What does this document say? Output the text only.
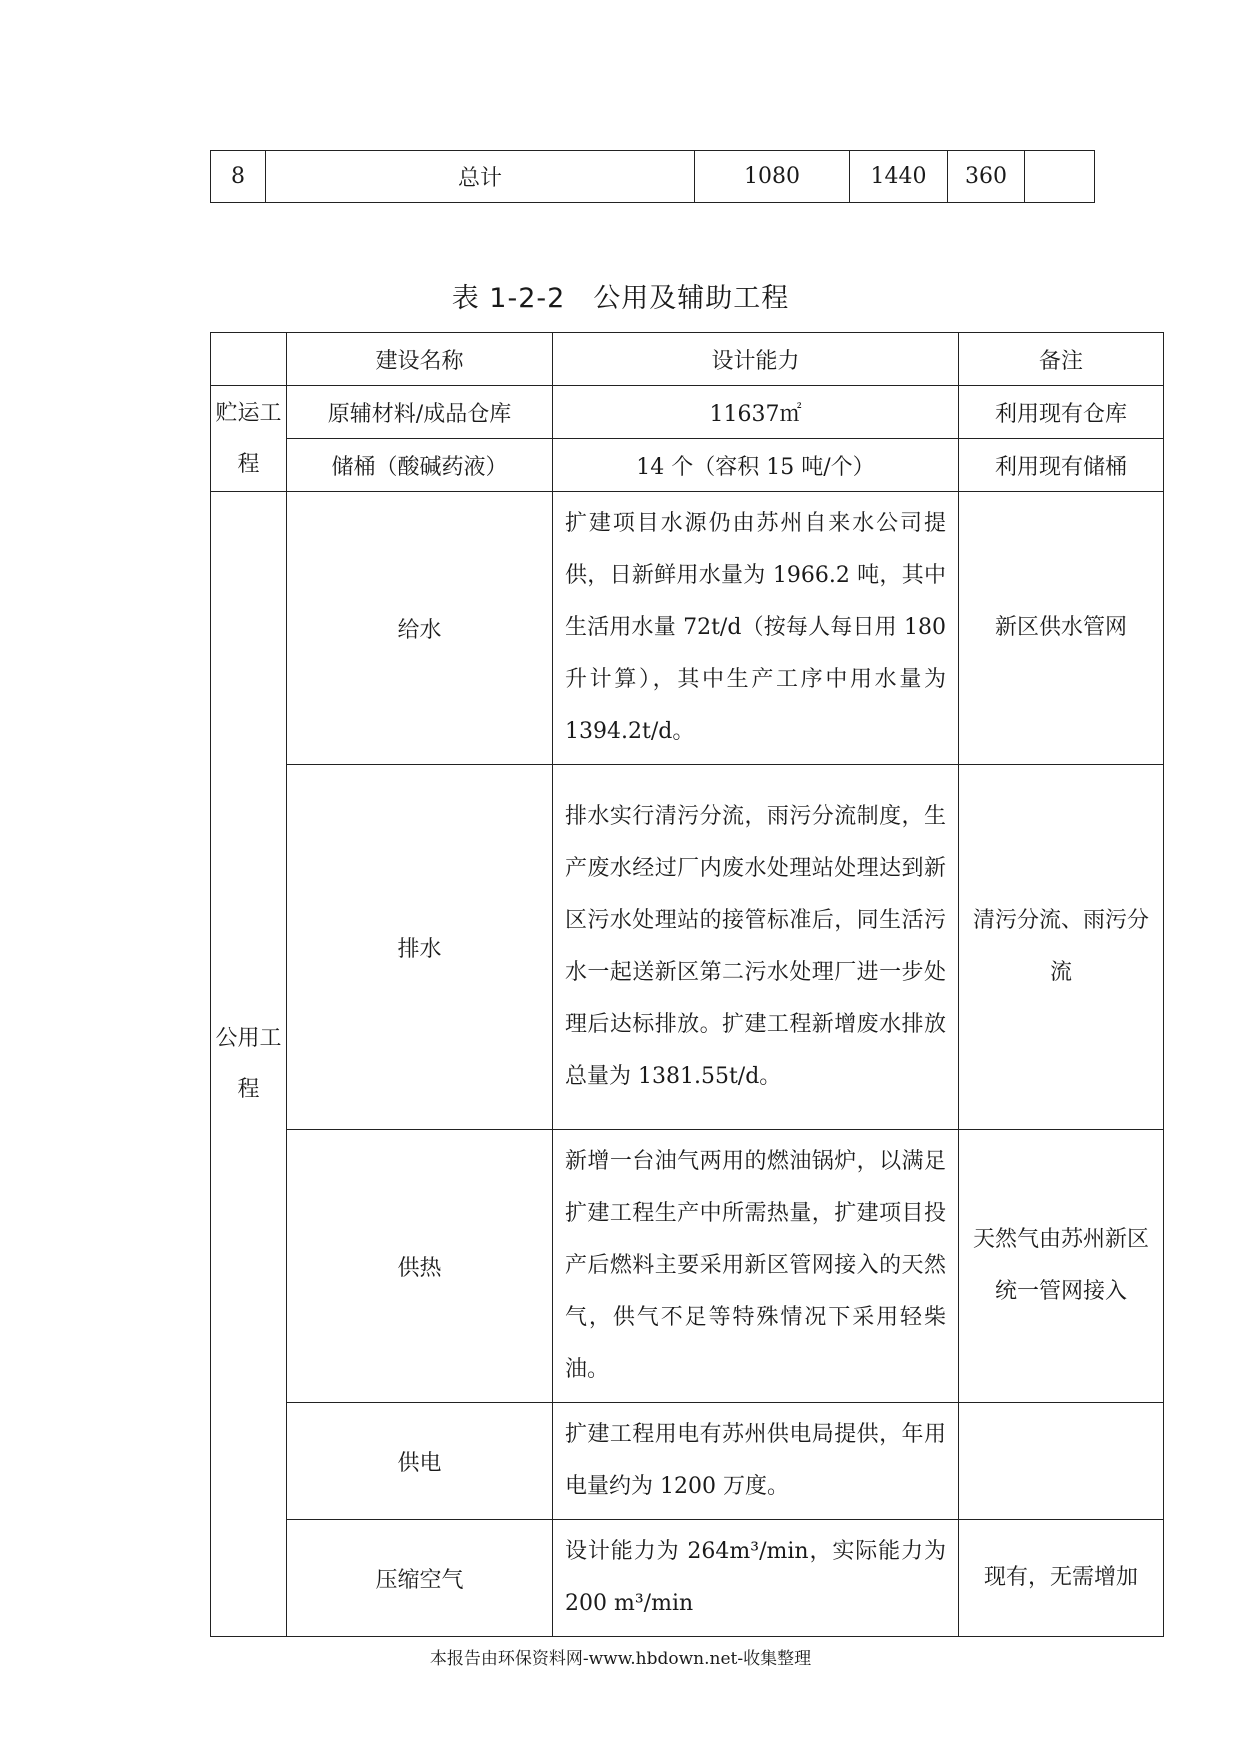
8	总计	1080	1440	360	
表 1-2-2　公用及辅助工程
	建设名称	设计能力	备注
贮运工程	原辅材料/成品仓库	11637㎡	利用现有仓库
	储桶（酸碱药液）	14 个（容积 15 吨/个）	利用现有储桶
公用工程	给水	扩建项目水源仍由苏州自来水公司提供，日新鲜用水量为 1966.2 吨，其中生活用水量 72t/d（按每人每日用 180 升计算），其中生产工序中用水量为 1394.2t/d。	新区供水管网
	排水	排水实行清污分流，雨污分流制度，生产废水经过厂内废水处理站处理达到新区污水处理站的接管标准后，同生活污水一起送新区第二污水处理厂进一步处理后达标排放。扩建工程新增废水排放总量为 1381.55t/d。	清污分流、雨污分流
	供热	新增一台油气两用的燃油锅炉，以满足扩建工程生产中所需热量，扩建项目投产后燃料主要采用新区管网接入的天然气，供气不足等特殊情况下采用轻柴油。	天然气由苏州新区统一管网接入
	供电	扩建工程用电有苏州供电局提供，年用电量约为 1200 万度。	
	压缩空气	设计能力为 264m³/min，实际能力为 200 m³/min	现有，无需增加
本报告由环保资料网-www.hbdown.net-收集整理
